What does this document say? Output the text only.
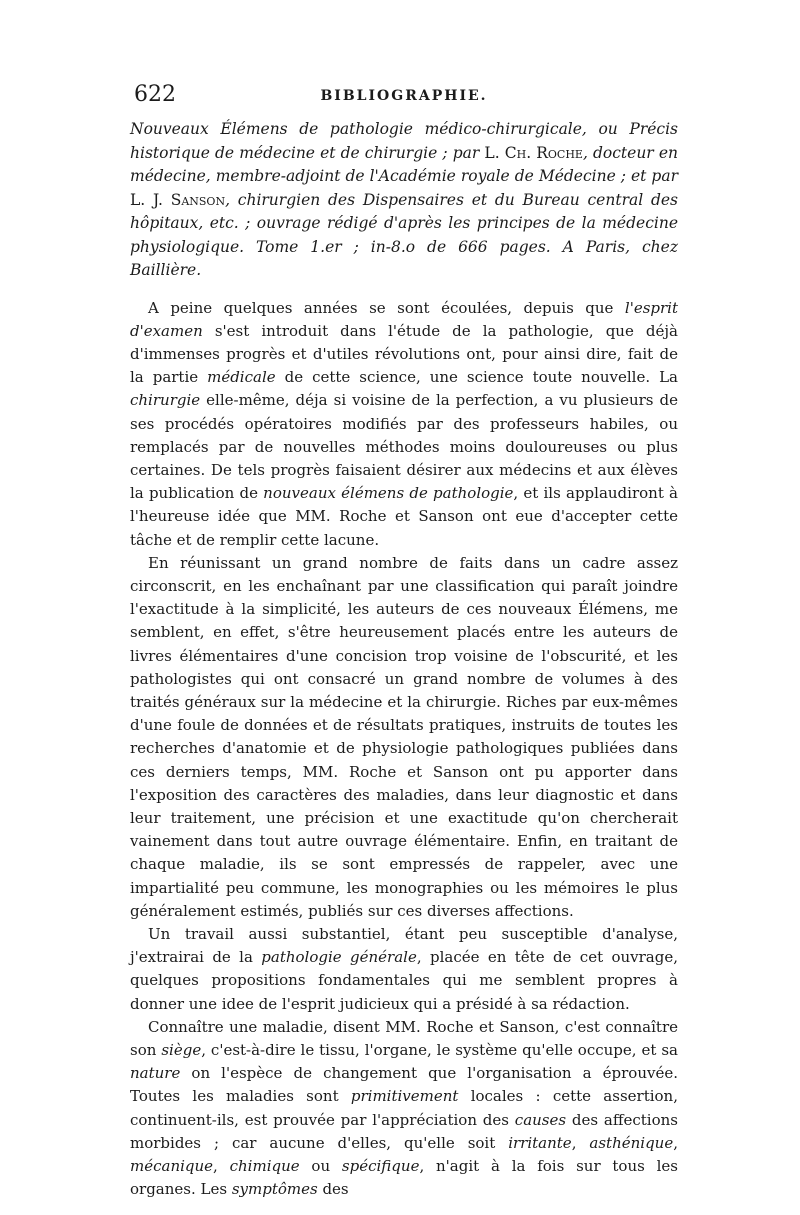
622	BIBLIOGRAPHIE.

Nouveaux Élémens de pathologie médico-chirurgicale, ou Précis historique de médecine et de chirurgie ; par L. Ch. Roche, docteur en médecine, membre-adjoint de l'Académie royale de Médecine ; et par L. J. Sanson, chirurgien des Dispensaires et du Bureau central des hôpitaux, etc. ; ouvrage rédigé d'après les principes de la médecine physiologique. Tome 1.er ; in-8.o de 666 pages. A Paris, chez Baillière.

A peine quelques années se sont écoulées, depuis que l'esprit d'examen s'est introduit dans l'étude de la pathologie, que déjà d'immenses progrès et d'utiles révolutions ont, pour ainsi dire, fait de la partie médicale de cette science, une science toute nouvelle. La chirurgie elle-même, déja si voisine de la perfection, a vu plusieurs de ses procédés opératoires modifiés par des professeurs habiles, ou remplacés par de nouvelles méthodes moins douloureuses ou plus certaines. De tels progrès faisaient désirer aux médecins et aux élèves la publication de nouveaux élémens de pathologie, et ils applaudiront à l'heureuse idée que MM. Roche et Sanson ont eue d'accepter cette tâche et de remplir cette lacune.

En réunissant un grand nombre de faits dans un cadre assez circonscrit, en les enchaînant par une classification qui paraît joindre l'exactitude à la simplicité, les auteurs de ces nouveaux Élémens, me semblent, en effet, s'être heureusement placés entre les auteurs de livres élémentaires d'une concision trop voisine de l'obscurité, et les pathologistes qui ont consacré un grand nombre de volumes à des traités généraux sur la médecine et la chirurgie. Riches par eux-mêmes d'une foule de données et de résultats pratiques, instruits de toutes les recherches d'anatomie et de physiologie pathologiques publiées dans ces derniers temps, MM. Roche et Sanson ont pu apporter dans l'exposition des caractères des maladies, dans leur diagnostic et dans leur traitement, une précision et une exactitude qu'on chercherait vainement dans tout autre ouvrage élémentaire. Enfin, en traitant de chaque maladie, ils se sont empressés de rappeler, avec une impartialité peu commune, les monographies ou les mémoires le plus généralement estimés, publiés sur ces diverses affections.

Un travail aussi substantiel, étant peu susceptible d'analyse, j'extrairai de la pathologie générale, placée en tête de cet ouvrage, quelques propositions fondamentales qui me semblent propres à donner une idee de l'esprit judicieux qui a présidé à sa rédaction.

Connaître une maladie, disent MM. Roche et Sanson, c'est connaître son siège, c'est-à-dire le tissu, l'organe, le système qu'elle occupe, et sa nature on l'espèce de changement que l'organisation a éprouvée. Toutes les maladies sont primitivement locales : cette assertion, continuent-ils, est prouvée par l'appréciation des causes des affections morbides ; car aucune d'elles, qu'elle soit irritante, asthénique, mécanique, chimique ou spécifique, n'agit à la fois sur tous les organes. Les symptômes des
